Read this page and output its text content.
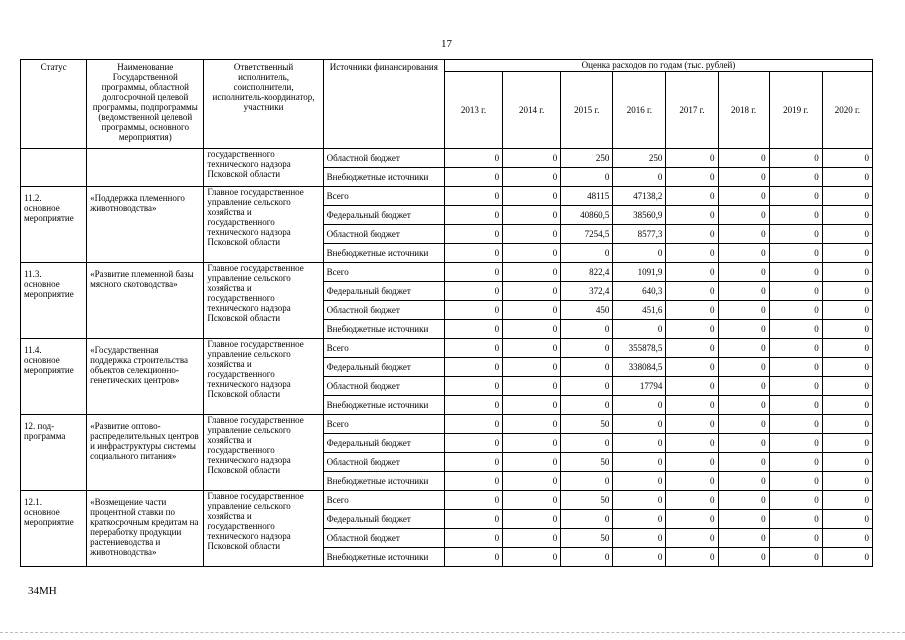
17
Статус	Наименование Государственной программы, областной долгосрочной целевой программы, подпрограммы (ведомственной целевой программы, основного мероприятия)	Ответственный исполнитель, соисполнители, исполнитель-координатор, участники	Источники финансирования	Оценка расходов по годам (тыс. рублей)							
				2013 г.	2014 г.	2015 г.	2016 г.	2017 г.	2018 г.	2019 г.	2020 г.
		государственного технического надзора Псковской области	Областной бюджет	0	0	250	250	0	0	0	0
			Внебюджетные источники	0	0	0	0	0	0	0	0
11.2.
основное
мероприятие	«Поддержка племенного животноводства»	Главное государственное управление сельского хозяйства и государственного технического надзора Псковской области	Всего	0	0	48115	47138,2	0	0	0	0
			Федеральный бюджет	0	0	40860,5	38560,9	0	0	0	0
			Областной бюджет	0	0	7254,5	8577,3	0	0	0	0
			Внебюджетные источники	0	0	0	0	0	0	0	0
11.3.
основное
мероприятие	«Развитие племенной базы мясного скотоводства»	Главное государственное управление сельского хозяйства и государственного технического надзора Псковской области	Всего	0	0	822,4	1091,9	0	0	0	0
			Федеральный бюджет	0	0	372,4	640,3	0	0	0	0
			Областной бюджет	0	0	450	451,6	0	0	0	0
			Внебюджетные источники	0	0	0	0	0	0	0	0
11.4.
основное
мероприятие	«Государственная поддержка строительства объектов селекционно-генетических центров»	Главное государственное управление сельского хозяйства и государственного технического надзора Псковской области	Всего	0	0	0	355878,5	0	0	0	0
			Федеральный бюджет	0	0	0	338084,5	0	0	0	0
			Областной бюджет	0	0	0	17794	0	0	0	0
			Внебюджетные источники	0	0	0	0	0	0	0	0
12. под-
программа	«Развитие оптово-распределительных центров и инфраструктуры системы социального питания»	Главное государственное управление сельского хозяйства и государственного технического надзора Псковской области	Всего	0	0	50	0	0	0	0	0
			Федеральный бюджет	0	0	0	0	0	0	0	0
			Областной бюджет	0	0	50	0	0	0	0	0
			Внебюджетные источники	0	0	0	0	0	0	0	0
12.1.
основное
мероприятие	«Возмещение части процентной ставки по краткосрочным кредитам на переработку продукции растениеводства и животноводства»	Главное государственное управление сельского хозяйства и государственного технического надзора Псковской области	Всего	0	0	50	0	0	0	0	0
			Федеральный бюджет	0	0	0	0	0	0	0	0
			Областной бюджет	0	0	50	0	0	0	0	0
			Внебюджетные источники	0	0	0	0	0	0	0	0
34МН
